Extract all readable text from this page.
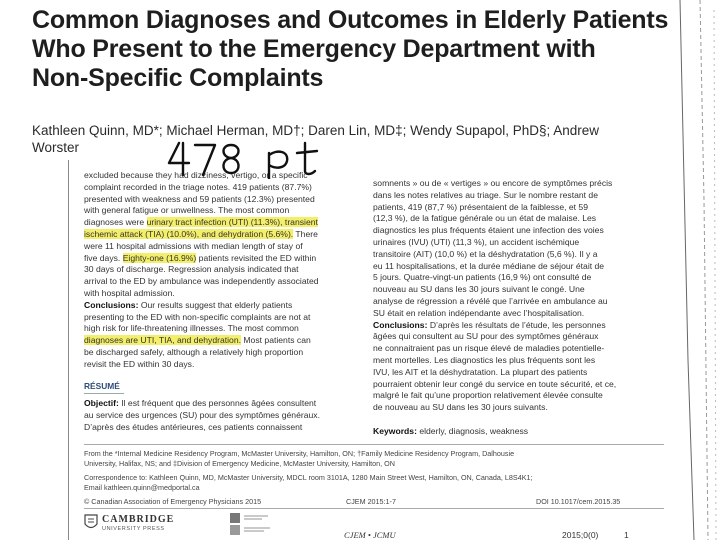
Common Diagnoses and Outcomes in Elderly Patients
Who Present to the Emergency Department with
Non-Specific Complaints
Kathleen Quinn, MD*; Michael Herman, MD†; Daren Lin, MD‡; Wendy Supapol, PhD§; Andrew
Worster
excluded because they had dizziness, vertigo, or a specific
complaint recorded in the triage notes. 419 patients (87.7%)
presented with weakness and 59 patients (12.3%) presented
with general fatigue or unwellness. The most common
diagnoses were urinary tract infection (UTI) (11.3%), transient
ischemic attack (TIA) (10.0%), and dehydration (5.6%). There
were 11 hospital admissions with median length of stay of
five days. Eighty-one (16.9%) patients revisited the ED within
30 days of discharge. Regression analysis indicated that
arrival to the ED by ambulance was independently associated
with hospital admission.
Conclusions: Our results suggest that elderly patients
presenting to the ED with non-specific complaints are not at
high risk for life-threatening illnesses. The most common
diagnoses are UTI, TIA, and dehydration. Most patients can
be discharged safely, although a relatively high proportion
revisit the ED within 30 days.
RÉSUMÉ
Objectif: Il est fréquent que des personnes âgées consultent
au service des urgences (SU) pour des symptômes généraux.
D’après des études antérieures, ces patients connaissent
somnents » ou de « vertiges » ou encore de symptômes précis
dans les notes relatives au triage. Sur le nombre restant de
patients, 419 (87,7 %) présentaient de la faiblesse, et 59
(12,3 %), de la fatigue générale ou un état de malaise. Les
diagnostics les plus fréquents étaient une infection des voies
urinaires (IVU) (UTI) (11,3 %), un accident ischémique
transitoire (AIT) (10,0 %) et la déshydratation (5,6 %). Il y a
eu 11 hospitalisations, et la durée médiane de séjour était de
5 jours. Quatre-vingt-un patients (16,9 %) ont consulté de
nouveau au SU dans les 30 jours suivant le congé. Une
analyse de régression a révélé que l’arrivée en ambulance au
SU était en relation indépendante avec l’hospitalisation.
Conclusions: D’après les résultats de l’étude, les personnes
âgées qui consultent au SU pour des symptômes généraux
ne connaitraient pas un risque élevé de maladies potentielle-
ment mortelles. Les diagnostics les plus fréquents sont les
IVU, les AIT et la déshydratation. La plupart des patients
pourraient obtenir leur congé du service en toute sécurité, et ce,
malgré le fait qu’une proportion relativement élevée consulte
de nouveau au SU dans les 30 jours suivants.
Keywords: elderly, diagnosis, weakness
From the *Internal Medicine Residency Program, McMaster University, Hamilton, ON; †Family Medicine Residency Program, Dalhousie
University, Halifax, NS; and ‡Division of Emergency Medicine, McMaster University, Hamilton, ON
Correspondence to: Kathleen Quinn, MD, McMaster University, MDCL room 3101A, 1280 Main Street West, Hamilton, ON, Canada, L8S4K1;
Email kathleen.quinn@medportal.ca
© Canadian Association of Emergency Physicians 2015	CJEM 2015:1-7	DOI 10.1017/cem.2015.35
CAMBRIDGE
UNIVERSITY PRESS
CJEM • JCMU	2015;0(0)	1
